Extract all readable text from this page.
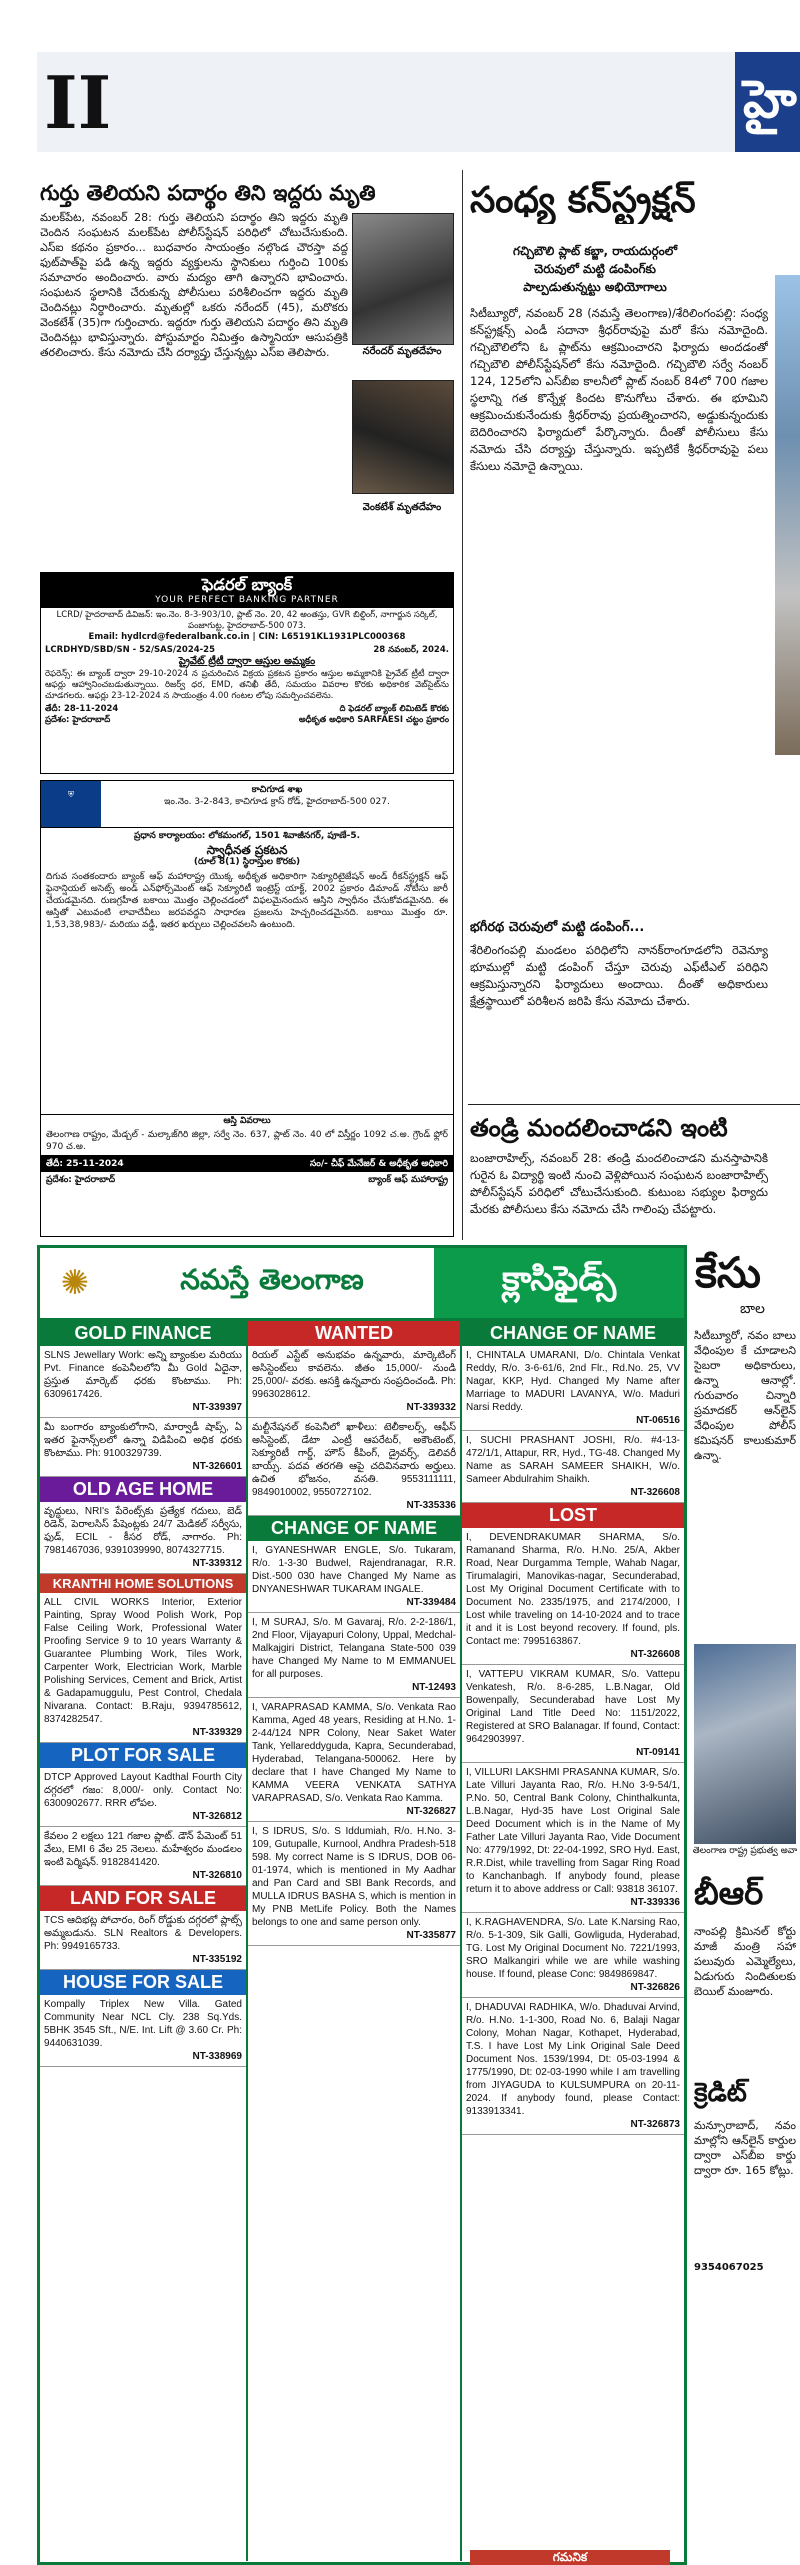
II	హై
గుర్తు తెలియని పదార్థం తిని ఇద్దరు మృతి

మలక్‌పేట, నవంబర్ 28: గుర్తు తెలియని పదార్థం తిని ఇద్దరు మృతి చెందిన సంఘటన మలక్‌పేట పోలీస్‌స్టేషన్ పరిధిలో చోటుచేసుకుంది. ఎస్‌ఐ కథనం ప్రకారం... బుధవారం సాయంత్రం నల్గొండ చౌరస్తా వద్ద ఫుట్‌పాత్‌పై పడి ఉన్న ఇద్దరు వ్యక్తులను స్థానికులు గుర్తించి 100కు సమాచారం అందించారు. వారు మద్యం తాగి ఉన్నారని భావించారు. సంఘటన స్థలానికి చేరుకున్న పోలీసులు పరిశీలించగా ఇద్దరు మృతి చెందినట్లు నిర్ధారించారు. మృతుల్లో ఒకరు నరేందర్ (45), మరొకరు వెంకటేశ్ (35)గా గుర్తించారు. ఇద్దరూ గుర్తు తెలియని పదార్థం తిని మృతి చెందినట్లు భావిస్తున్నారు. పోస్టుమార్టం నిమిత్తం ఉస్మానియా ఆసుపత్రికి తరలించారు. కేసు నమోదు చేసి దర్యాప్తు చేస్తున్నట్లు ఎస్‌ఐ తెలిపారు.	నరేందర్ మృతదేహం
వెంకటేశ్ మృతదేహం
ఫెడరల్ బ్యాంక్
YOUR PERFECT BANKING PARTNER
LCRD/ హైదరాబాద్ డివిజన్: ఇం.నెం. 8-3-903/10, ప్లాట్ నెం. 20, 42 అంతస్తు, GVR బిల్డింగ్, నాగార్జున సర్కిల్, పంజాగుట్ట, హైదరాబాద్-500 073.
Email: hydlcrd@federalbank.co.in | CIN: L65191KL1931PLC000368
LCRDHYD/SBD/SN - 52/SAS/2024-25	28 నవంబర్, 2024.
ప్రైవేట్ ట్రీటీ ద్వారా ఆస్తుల అమ్మకం
రెఫరెన్స్: ఈ బ్యాంక్ ద్వారా 29-10-2024 న ప్రచురించిన విక్రయ ప్రకటన ప్రకారం ఆస్తుల అమ్మకానికి ప్రైవేట్ ట్రీటీ ద్వారా ఆఫర్లు ఆహ్వానించబడుతున్నాయి. రిజర్వ్ ధర, EMD, తనిఖీ తేదీ, సమయం వివరాల కొరకు అధికారిక వెబ్‌సైట్‌ను చూడగలరు. ఆఫర్లు 23-12-2024 న సాయంత్రం 4.00 గంటల లోపు సమర్పించవలెను.
తేదీ: 28-11-2024	ది ఫెడరల్ బ్యాంక్ లిమిటెడ్ కొరకు
ప్రదేశం: హైదరాబాద్	అధీకృత అధికారి SARFAESI చట్టం ప్రకారం
⛨	కాచిగూడ శాఖ
ఇం.నెం. 3-2-843, కాచిగూడ క్రాస్ రోడ్, హైదరాబాద్-500 027.
ప్రధాన కార్యాలయం: లోకమంగల్, 1501 శివాజీనగర్, పూణే-5.
స్వాధీనత ప్రకటన
(రూల్ 8(1) స్థిరాస్తుల కొరకు)
దిగువ సంతకందారు బ్యాంక్ ఆఫ్ మహారాష్ట్ర యొక్క అధీకృత అధికారిగా సెక్యూరిటైజేషన్ అండ్ రీకన్‌స్ట్రక్షన్ ఆఫ్ ఫైనాన్షియల్ అసెట్స్ అండ్ ఎన్‌ఫోర్స్‌మెంట్ ఆఫ్ సెక్యూరిటీ ఇంట్రెస్ట్ యాక్ట్, 2002 ప్రకారం డిమాండ్ నోటీసు జారీ చేయడమైనది. రుణగ్రహీత బకాయి మొత్తం చెల్లించడంలో విఫలమైనందున ఆస్తిని స్వాధీనం చేసుకోవడమైనది. ఈ ఆస్తితో ఎటువంటి లావాదేవీలు జరపవద్దని సాధారణ ప్రజలను హెచ్చరించడమైనది. బకాయి మొత్తం రూ. 1,53,38,983/- మరియు వడ్డీ, ఇతర ఖర్చులు చెల్లించవలసి ఉంటుంది.
ఆస్తి వివరాలు
తెలంగాణ రాష్ట్రం, మేడ్చల్ - మల్కాజ్‌గిరి జిల్లా, సర్వే నెం. 637, ప్లాట్ నెం. 40 లో విస్తీర్ణం 1092 చ.అ. గ్రౌండ్ ఫ్లోర్ 970 చ.అ.
తేదీ: 25-11-2024	సం/- చీఫ్ మేనేజర్ & అధీకృత అధికారి
ప్రదేశం: హైదరాబాద్	బ్యాంక్ ఆఫ్ మహారాష్ట్ర
సంధ్య కన్‌స్ట్రక్షన్
గచ్చిబౌలి ప్లాట్ కబ్జా, రాయదుర్గంలో
చెరువులో మట్టి డంపింగ్‌కు
పాల్పడుతున్నట్టు అభియోగాలు

సిటీబ్యూరో, నవంబర్ 28 (నమస్తే తెలంగాణ)/శేరిలింగంపల్లి: సంధ్య కన్‌స్ట్రక్షన్స్ ఎండీ సదానా శ్రీధర్‌రావుపై మరో కేసు నమోదైంది. గచ్చిబౌలిలోని ఓ ప్లాట్‌ను ఆక్రమించారని ఫిర్యాదు అందడంతో గచ్చిబౌలి పోలీస్‌స్టేషన్‌లో కేసు నమోదైంది. గచ్చిబౌలి సర్వే నంబర్ 124, 125లోని ఎస్‌బీఐ కాలనీలో ప్లాట్ నంబర్ 84లో 700 గజాల స్థలాన్ని గత కొన్నేళ్ల కిందట కొనుగోలు చేశారు. ఈ భూమిని ఆక్రమించుకునేందుకు శ్రీధర్‌రావు ప్రయత్నించారని, అడ్డుకున్నందుకు బెదిరించారని ఫిర్యాదులో పేర్కొన్నారు. దీంతో పోలీసులు కేసు నమోదు చేసి దర్యాప్తు చేస్తున్నారు. ఇప్పటికే శ్రీధర్‌రావుపై పలు కేసులు నమోదై ఉన్నాయి.

భగీరథ చెరువులో మట్టి డంపింగ్...

శేరిలింగంపల్లి మండలం పరిధిలోని నానక్‌రాంగూడలోని రెవెన్యూ భూముల్లో మట్టి డంపింగ్ చేస్తూ చెరువు ఎఫ్‌టీఎల్ పరిధిని ఆక్రమిస్తున్నారని ఫిర్యాదులు అందాయి. దీంతో అధికారులు క్షేత్రస్థాయిలో పరిశీలన జరిపి కేసు నమోదు చేశారు.

తండ్రి మందలించాడని ఇంటి

బంజారాహిల్స్, నవంబర్ 28: తండ్రి మందలించాడని మనస్తాపానికి గురైన ఓ విద్యార్థి ఇంటి నుంచి వెళ్లిపోయిన సంఘటన బంజారాహిల్స్ పోలీస్‌స్టేషన్ పరిధిలో చోటుచేసుకుంది. కుటుంబ సభ్యుల ఫిర్యాదు మేరకు పోలీసులు కేసు నమోదు చేసి గాలింపు చేపట్టారు.

✺	నమస్తే తెలంగాణ	క్లాసిఫైడ్స్
GOLD FINANCE
SLNS Jewellary Work: అన్ని బ్యాంకుల మరియు Pvt. Finance కంపెనీలలోని మీ Gold ఏదైనా, ప్రస్తుత మార్కెట్ ధరకు కొంటాము. Ph: 6309617426.
NT-339397
మీ బంగారం బ్యాంకులోగాని, మార్వాడీ షాప్స్, ఏ ఇతర ఫైనాన్స్‌లలో ఉన్నా విడిపించి అధిక ధరకు కొంటాము. Ph: 9100329739.
NT-326601
OLD AGE HOME
వృద్ధులు, NRI's పేరెంట్స్‌కు ప్రత్యేక గదులు, బెడ్ రిడెన్, పెరాలసిస్ పేషెంట్లకు 24/7 మెడికల్ సర్వీసు, ఫుడ్, ECIL - కీసర రోడ్, నాగారం. Ph: 7981467036, 9391039990, 8074327715.
NT-339312
KRANTHI HOME SOLUTIONS
ALL CIVIL WORKS Interior, Exterior Painting, Spray Wood Polish Work, Pop False Ceiling Work, Professional Water Proofing Service 9 to 10 years Warranty & Guarantee Plumbing Work, Tiles Work, Carpenter Work, Electrician Work, Marble Polishing Services, Cement and Brick, Artist & Gadapamuggulu, Pest Control, Chedala Nivarana. Contact: B.Raju, 9394785612, 8374282547.
NT-339329
PLOT FOR SALE
DTCP Approved Layout Kadthal Fourth City దగ్గరలో గజం: 8,000/- only. Contact No: 6300902677. RRR లోపల.
NT-326812
కేవలం 2 లక్షలు 121 గజాల ప్లాట్. డౌన్ పేమెంట్ 51 వేలు, EMI 6 వేల 25 నెలలు. మహేశ్వరం మండలం ఇంటి పెర్మిషన్. 9182841420.
NT-326810
LAND FOR SALE
TCS ఆదిభట్ల పోచారం, రింగ్ రోడ్డుకు దగ్గరలో ప్లాట్స్ అమ్మబడును. SLN Realtors & Developers. Ph: 9949165733.
NT-335192
HOUSE FOR SALE
Kompally Triplex New Villa. Gated Community Near NCL Cly. 238 Sq.Yds. 5BHK 3545 Sft., N/E. Int. Lift @ 3.60 Cr. Ph: 9440631039.
NT-338969
WANTED
రియల్ ఎస్టేట్ అనుభవం ఉన్నవారు, మార్కెటింగ్ అసిస్టెంట్‌లు కావలెను. జీతం 15,000/- నుండి 25,000/- వరకు. ఆసక్తి ఉన్నవారు సంప్రదించండి. Ph: 9963028612.
NT-339332
మల్టీనేషనల్ కంపెనీలో ఖాళీలు: టెలీకాలర్స్, ఆఫీస్ అసిస్టెంట్, డేటా ఎంట్రీ ఆపరేటర్, అకౌంటెంట్, సెక్యూరిటీ గార్డ్, హౌస్ కీపింగ్, డ్రైవర్స్, డెలివరీ బాయ్స్. పదవ తరగతి ఆపై చదివినవారు అర్హులు. ఉచిత భోజనం, వసతి. 9553111111, 9849010002, 9550727102.
NT-335336
CHANGE OF NAME
I, GYANESHWAR ENGLE, S/o. Tukaram, R/o. 1-3-30 Budwel, Rajendranagar, R.R. Dist.-500 030 have Changed My Name as DNYANESHWAR TUKARAM INGALE.
NT-339484
I, M SURAJ, S/o. M Gavaraj, R/o. 2-2-186/1, 2nd Floor, Vijayapuri Colony, Uppal, Medchal-Malkajgiri District, Telangana State-500 039 have Changed My Name to M EMMANUEL for all purposes.
NT-12493
I, VARAPRASAD KAMMA, S/o. Venkata Rao Kamma, Aged 48 years, Residing at H.No. 1-2-44/124 NPR Colony, Near Saket Water Tank, Yellareddyguda, Kapra, Secunderabad, Hyderabad, Telangana-500062. Here by declare that I have Changed My Name to KAMMA VEERA VENKATA SATHYA VARAPRASAD, S/o. Venkata Rao Kamma.
NT-326827
I, S IDRUS, S/o. S Iddumiah, R/o. H.No. 3-109, Gutupalle, Kurnool, Andhra Pradesh-518 598. My correct Name is S IDRUS, DOB 06-01-1974, which is mentioned in My Aadhar and Pan Card and SBI Bank Records, and MULLA IDRUS BASHA S, which is mention in My PNB MetLife Policy. Both the Names belongs to one and same person only.
NT-335877
CHANGE OF NAME
I, CHINTALA UMARANI, D/o. Chintala Venkat Reddy, R/o. 3-6-61/6, 2nd Flr., Rd.No. 25, VV Nagar, KKP, Hyd. Changed My Name after Marriage to MADURI LAVANYA, W/o. Maduri Narsi Reddy.
NT-06516
I, SUCHI PRASHANT JOSHI, R/o. #4-13-472/1/1, Attapur, RR, Hyd., TG-48. Changed My Name as SARAH SAMEER SHAIKH, W/o. Sameer Abdulrahim Shaikh.
NT-326608
LOST
I, DEVENDRAKUMAR SHARMA, S/o. Ramanand Sharma, R/o. H.No. 25/A, Akber Road, Near Durgamma Temple, Wahab Nagar, Tirumalagiri, Manovikas-nagar, Secunderabad, Lost My Original Document Certificate with to Document No. 2335/1975, and 2174/2000, I Lost while traveling on 14-10-2024 and to trace it and it is Lost beyond recovery. If found, pls. Contact me: 7995163867.
NT-326608
I, VATTEPU VIKRAM KUMAR, S/o. Vattepu Venkatesh, R/o. 8-6-285, L.B.Nagar, Old Bowenpally, Secunderabad have Lost My Original Land Title Deed No: 1151/2022, Registered at SRO Balanagar. If found, Contact: 9642903997.
NT-09141
I, VILLURI LAKSHMI PRASANNA KUMAR, S/o. Late Villuri Jayanta Rao, R/o. H.No 3-9-54/1, P.No. 50, Central Bank Colony, Chinthalkunta, L.B.Nagar, Hyd-35 have Lost Original Sale Deed Document which is in the Name of My Father Late Villuri Jayanta Rao, Vide Document No: 4779/1992, Dt: 22-04-1992, SRO Hyd. East, R.R.Dist, while travelling from Sagar Ring Road to Kanchanbagh. If anybody found, please return it to above address or Call: 93818 36107.
NT-339336
I, K.RAGHAVENDRA, S/o. Late K.Narsing Rao, R/o. 5-1-309, Sik Galli, Gowliguda, Hyderabad, TG. Lost My Original Document No. 7221/1993, SRO Malkangiri while we are while washing house. If found, please Conc: 9849869847.
NT-326826
I, DHADUVAI RADHIKA, W/o. Dhaduvai Arvind, R/o. H.No. 1-1-300, Road No. 6, Balaji Nagar Colony, Mohan Nagar, Kothapet, Hyderabad, T.S. I have Lost My Link Original Sale Deed Document Nos. 1539/1994, Dt: 05-03-1994 & 1775/1990, Dt: 02-03-1990 while I am travelling from JIYAGUDA to KULSUMPURA on 20-11-2024. If anybody found, please Contact: 9133913341.
NT-326873
గమనిక
కేసు
బాల

సిటీబ్యూరో, నవం బాలు వేధింపుల కే చూడాలని సైబరా అధికారులు, ఉన్నా ఆనాల్లో. గురువారం చిన్నారి ప్రమాదకర్ ఆన్‌లైన్ వేధింపుల పోలీస్ కమిషనర్ కాలుకుమార్ ఉన్నా.

తెలంగాణ రాష్ట్ర ప్రభుత్వ అవా
బీఆర్

నాంపల్లి క్రిమినల్ కోర్టు మాజీ మంత్రి సహా పలువురు ఎమ్మెల్యేలు, ఏడుగురు నిందితులకు బెయిల్ మంజూరు.

క్రెడిట్

మన్సూరాబాద్, నవం మాల్లోని ఆన్‌లైన్ కార్డుల ద్వారా ఎస్‌బీఐ కార్డు ద్వారా రూ. 165 కోట్లు.

9354067025
